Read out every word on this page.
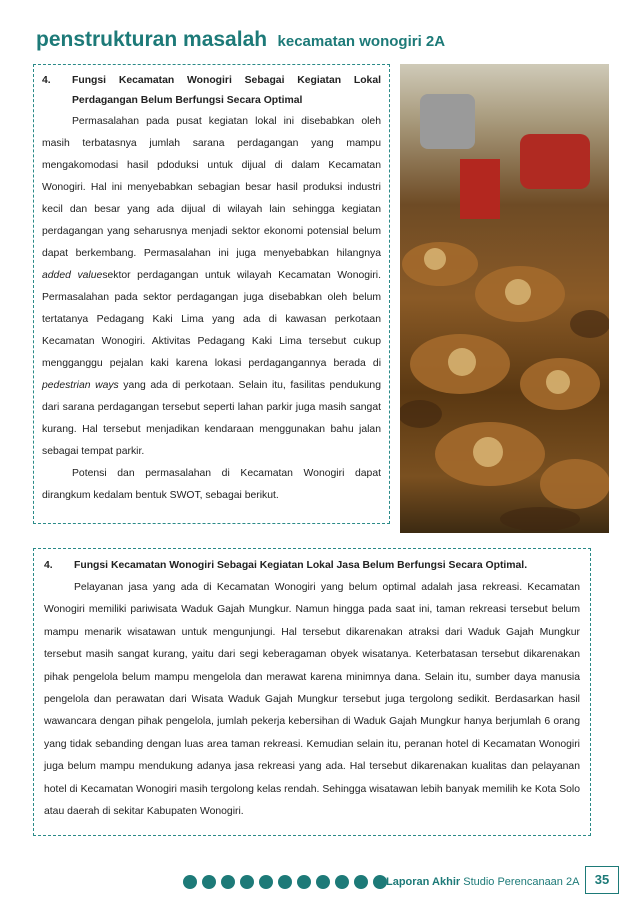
penstrukturan masalah kecamatan wonogiri 2A
4.	Fungsi Kecamatan Wonogiri Sebagai Kegiatan Lokal Perdagangan Belum Berfungsi Secara Optimal

Permasalahan pada pusat kegiatan lokal ini disebabkan oleh masih terbatasnya jumlah sarana perdagangan yang mampu mengakomodasi hasil pdoduksi untuk dijual di dalam Kecamatan Wonogiri. Hal ini menyebabkan sebagian besar hasil produksi industri kecil dan besar yang ada dijual di wilayah lain sehingga kegiatan perdagangan yang seharusnya menjadi sektor ekonomi potensial belum dapat berkembang. Permasalahan ini juga menyebabkan hilangnya added valuesektor perdagangan untuk wilayah Kecamatan Wonogiri. Permasalahan pada sektor perdagangan juga disebabkan oleh belum tertatanya Pedagang Kaki Lima yang ada di kawasan perkotaan Kecamatan Wonogiri. Aktivitas Pedagang Kaki Lima tersebut cukup mengganggu pejalan kaki karena lokasi perdagangannya berada di pedestrian ways yang ada di perkotaan. Selain itu, fasilitas pendukung dari sarana perdagangan tersebut seperti lahan parkir juga masih sangat kurang. Hal tersebut menjadikan kendaraan menggunakan bahu jalan sebagai tempat parkir.

Potensi dan permasalahan di Kecamatan Wonogiri dapat dirangkum kedalam bentuk SWOT, sebagai berikut.

4.	Fungsi Kecamatan Wonogiri Sebagai Kegiatan Lokal Jasa Belum Berfungsi Secara Optimal.

Pelayanan jasa yang ada di Kecamatan Wonogiri yang belum optimal adalah jasa rekreasi. Kecamatan Wonogiri memiliki pariwisata Waduk Gajah Mungkur. Namun hingga pada saat ini, taman rekreasi tersebut belum mampu menarik wisatawan untuk mengunjungi. Hal tersebut dikarenakan atraksi dari Waduk Gajah Mungkur tersebut masih sangat kurang, yaitu dari segi keberagaman obyek wisatanya. Keterbatasan tersebut dikarenakan pihak pengelola belum mampu mengelola dan merawat karena minimnya dana. Selain itu, sumber daya manusia pengelola dan perawatan dari Wisata Waduk Gajah Mungkur tersebut juga tergolong sedikit. Berdasarkan hasil wawancara dengan pihak pengelola, jumlah pekerja kebersihan di Waduk Gajah Mungkur hanya berjumlah 6 orang yang tidak sebanding dengan luas area taman rekreasi. Kemudian selain itu, peranan hotel di Kecamatan Wonogiri juga belum mampu mendukung adanya jasa rekreasi yang ada. Hal tersebut dikarenakan kualitas dan pelayanan hotel di Kecamatan Wonogiri masih tergolong kelas rendah. Sehingga wisatawan lebih banyak memilih ke Kota Solo atau daerah di sekitar Kabupaten Wonogiri.

Laporan Akhir Studio Perencanaan 2A	35
